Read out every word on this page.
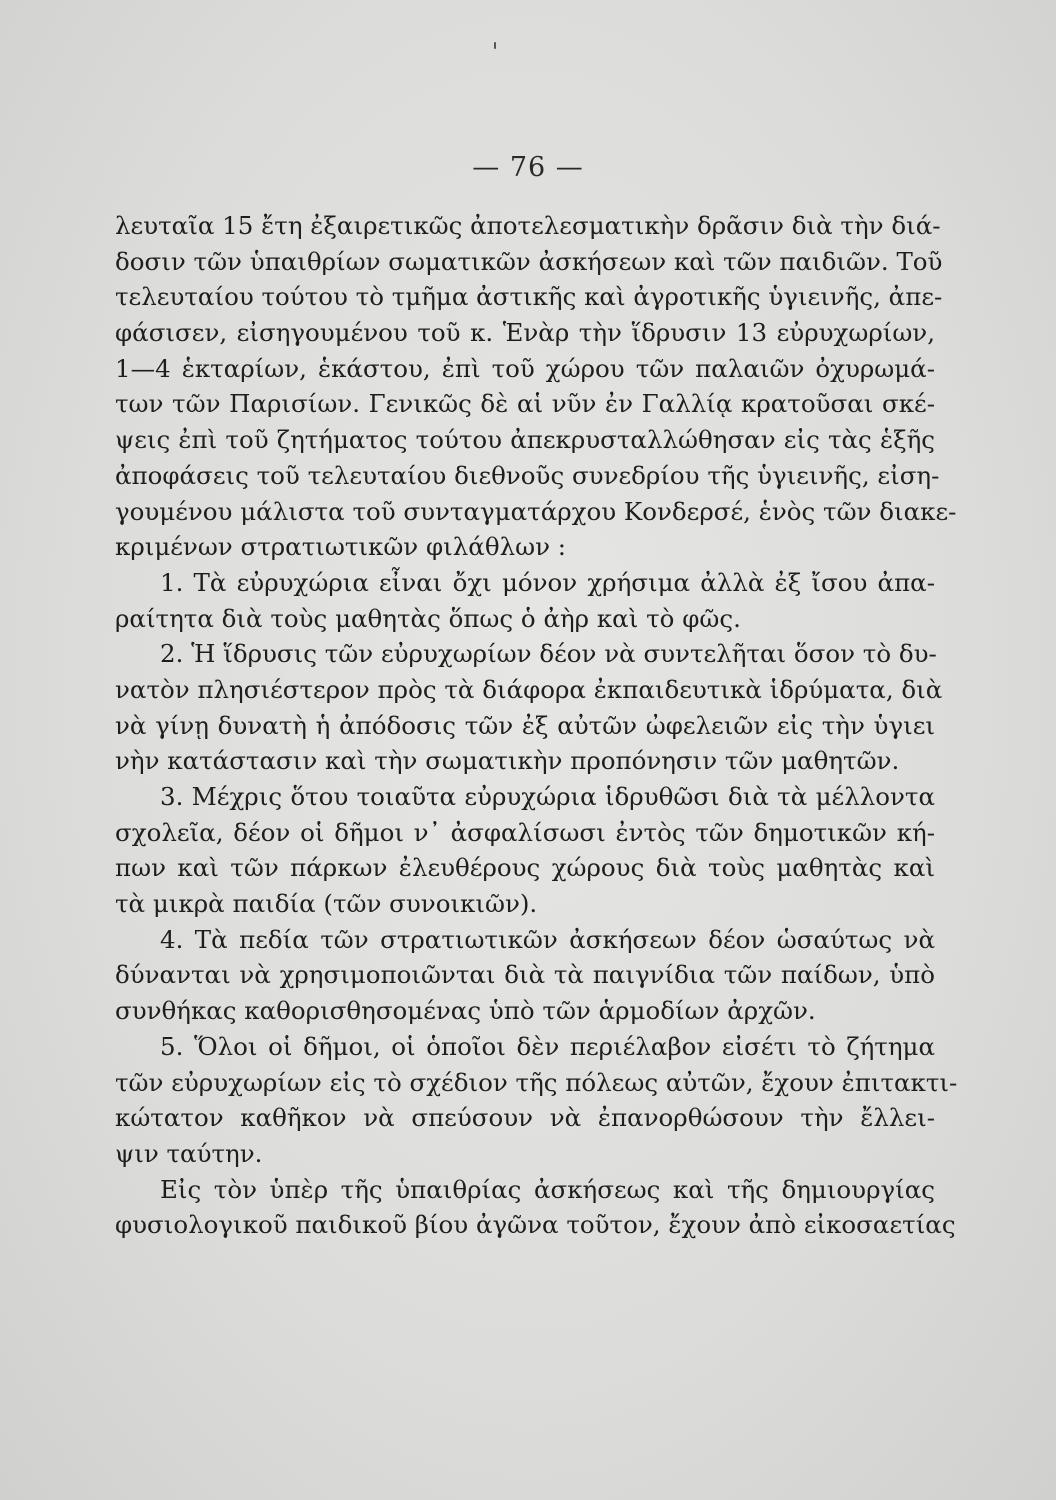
— 76 —
λευταῖα 15 ἔτη ἐξαιρετικῶς ἀποτελεσματικὴν δρᾶσιν διὰ τὴν διά-
δοσιν τῶν ὑπαιθρίων σωματικῶν ἀσκήσεων καὶ τῶν παιδιῶν. Τοῦ
τελευταίου τούτου τὸ τμῆμα ἀστικῆς καὶ ἀγροτικῆς ὑγιεινῆς, ἀπε-
φάσισεν, εἰσηγουμένου τοῦ κ. Ἑνὰρ τὴν ἵδρυσιν 13 εὐρυχωρίων,
1—4 ἑκταρίων, ἑκάστου, ἐπὶ τοῦ χώρου τῶν παλαιῶν ὀχυρωμά-
των τῶν Παρισίων. Γενικῶς δὲ αἱ νῦν ἐν Γαλλίᾳ κρατοῦσαι σκέ-
ψεις ἐπὶ τοῦ ζητήματος τούτου ἀπεκρυσταλλώθησαν εἰς τὰς ἑξῆς
ἀποφάσεις τοῦ τελευταίου διεθνοῦς συνεδρίου τῆς ὑγιεινῆς, εἰση-
γουμένου μάλιστα τοῦ συνταγματάρχου Κονδερσέ, ἑνὸς τῶν διακε-
κριμένων στρατιωτικῶν φιλάθλων :
1. Τὰ εὐρυχώρια εἶναι ὄχι μόνον χρήσιμα ἀλλὰ ἐξ ἴσου ἀπα-
ραίτητα διὰ τοὺς μαθητὰς ὅπως ὁ ἀὴρ καὶ τὸ φῶς.
2. Ἡ ἵδρυσις τῶν εὐρυχωρίων δέον νὰ συντελῆται ὅσον τὸ δυ-
νατὸν πλησιέστερον πρὸς τὰ διάφορα ἐκπαιδευτικὰ ἱδρύματα, διὰ
νὰ γίνῃ δυνατὴ ἡ ἀπόδοσις τῶν ἐξ αὐτῶν ὠφελειῶν εἰς τὴν ὑγιει
νὴν κατάστασιν καὶ τὴν σωματικὴν προπόνησιν τῶν μαθητῶν.
3. Μέχρις ὅτου τοιαῦτα εὐρυχώρια ἱδρυθῶσι διὰ τὰ μέλλοντα
σχολεῖα, δέον οἱ δῆμοι ν᾿ ἀσφαλίσωσι ἐντὸς τῶν δημοτικῶν κή-
πων καὶ τῶν πάρκων ἐλευθέρους χώρους διὰ τοὺς μαθητὰς καὶ
τὰ μικρὰ παιδία (τῶν συνοικιῶν).
4. Τὰ πεδία τῶν στρατιωτικῶν ἀσκήσεων δέον ὡσαύτως νὰ
δύνανται νὰ χρησιμοποιῶνται διὰ τὰ παιγνίδια τῶν παίδων, ὑπὸ
συνθήκας καθορισθησομένας ὑπὸ τῶν ἁρμοδίων ἀρχῶν.
5. Ὅλοι οἱ δῆμοι, οἱ ὁποῖοι δὲν περιέλαβον εἰσέτι τὸ ζήτημα
τῶν εὐρυχωρίων εἰς τὸ σχέδιον τῆς πόλεως αὐτῶν, ἔχουν ἐπιτακτι-
κώτατον καθῆκον νὰ σπεύσουν νὰ ἐπανορθώσουν τὴν ἔλλει-
ψιν ταύτην.
Εἰς τὸν ὑπὲρ τῆς ὑπαιθρίας ἀσκήσεως καὶ τῆς δημιουργίας
φυσιολογικοῦ παιδικοῦ βίου ἀγῶνα τοῦτον, ἔχουν ἀπὸ εἰκοσαετίας
